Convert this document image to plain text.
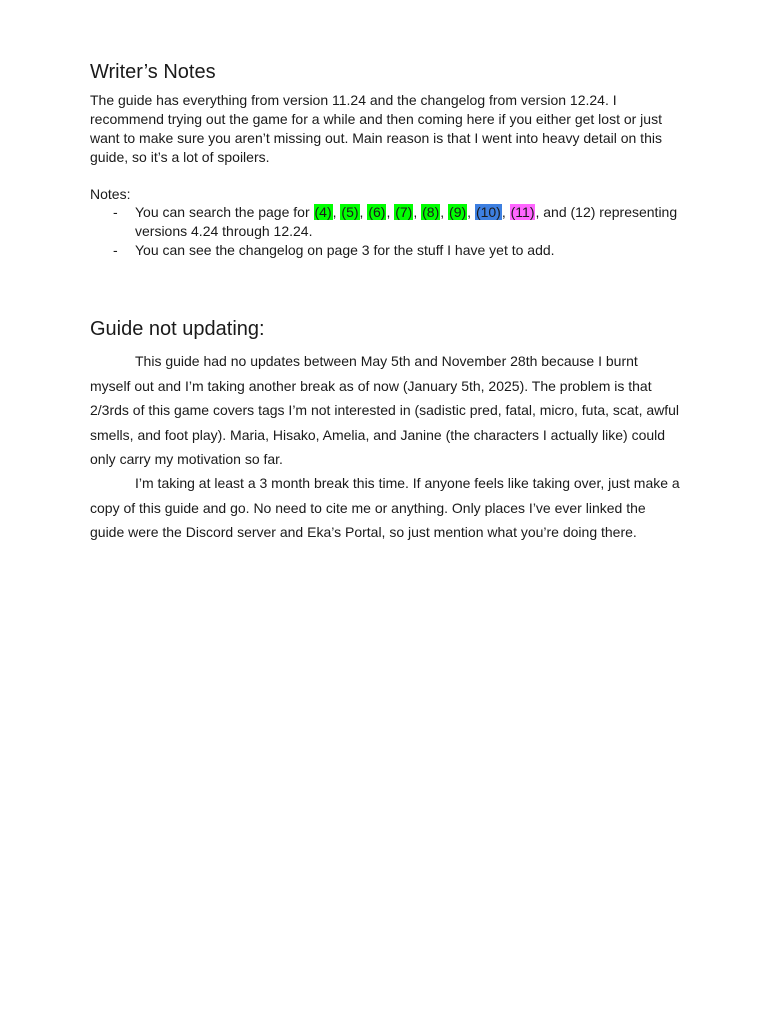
Writer’s Notes

The guide has everything from version 11.24 and the changelog from version 12.24. I recommend trying out the game for a while and then coming here if you either get lost or just want to make sure you aren’t missing out. Main reason is that I went into heavy detail on this guide, so it’s a lot of spoilers.

Notes:

- You can search the page for (4), (5), (6), (7), (8), (9), (10), (11), and (12) representing versions 4.24 through 12.24.
- You can see the changelog on page 3 for the stuff I have yet to add.
Guide not updating:

This guide had no updates between May 5th and November 28th because I burnt myself out and I’m taking another break as of now (January 5th, 2025). The problem is that 2/3rds of this game covers tags I’m not interested in (sadistic pred, fatal, micro, futa, scat, awful smells, and foot play). Maria, Hisako, Amelia, and Janine (the characters I actually like) could only carry my motivation so far.

I’m taking at least a 3 month break this time. If anyone feels like taking over, just make a copy of this guide and go. No need to cite me or anything. Only places I’ve ever linked the guide were the Discord server and Eka’s Portal, so just mention what you’re doing there.
